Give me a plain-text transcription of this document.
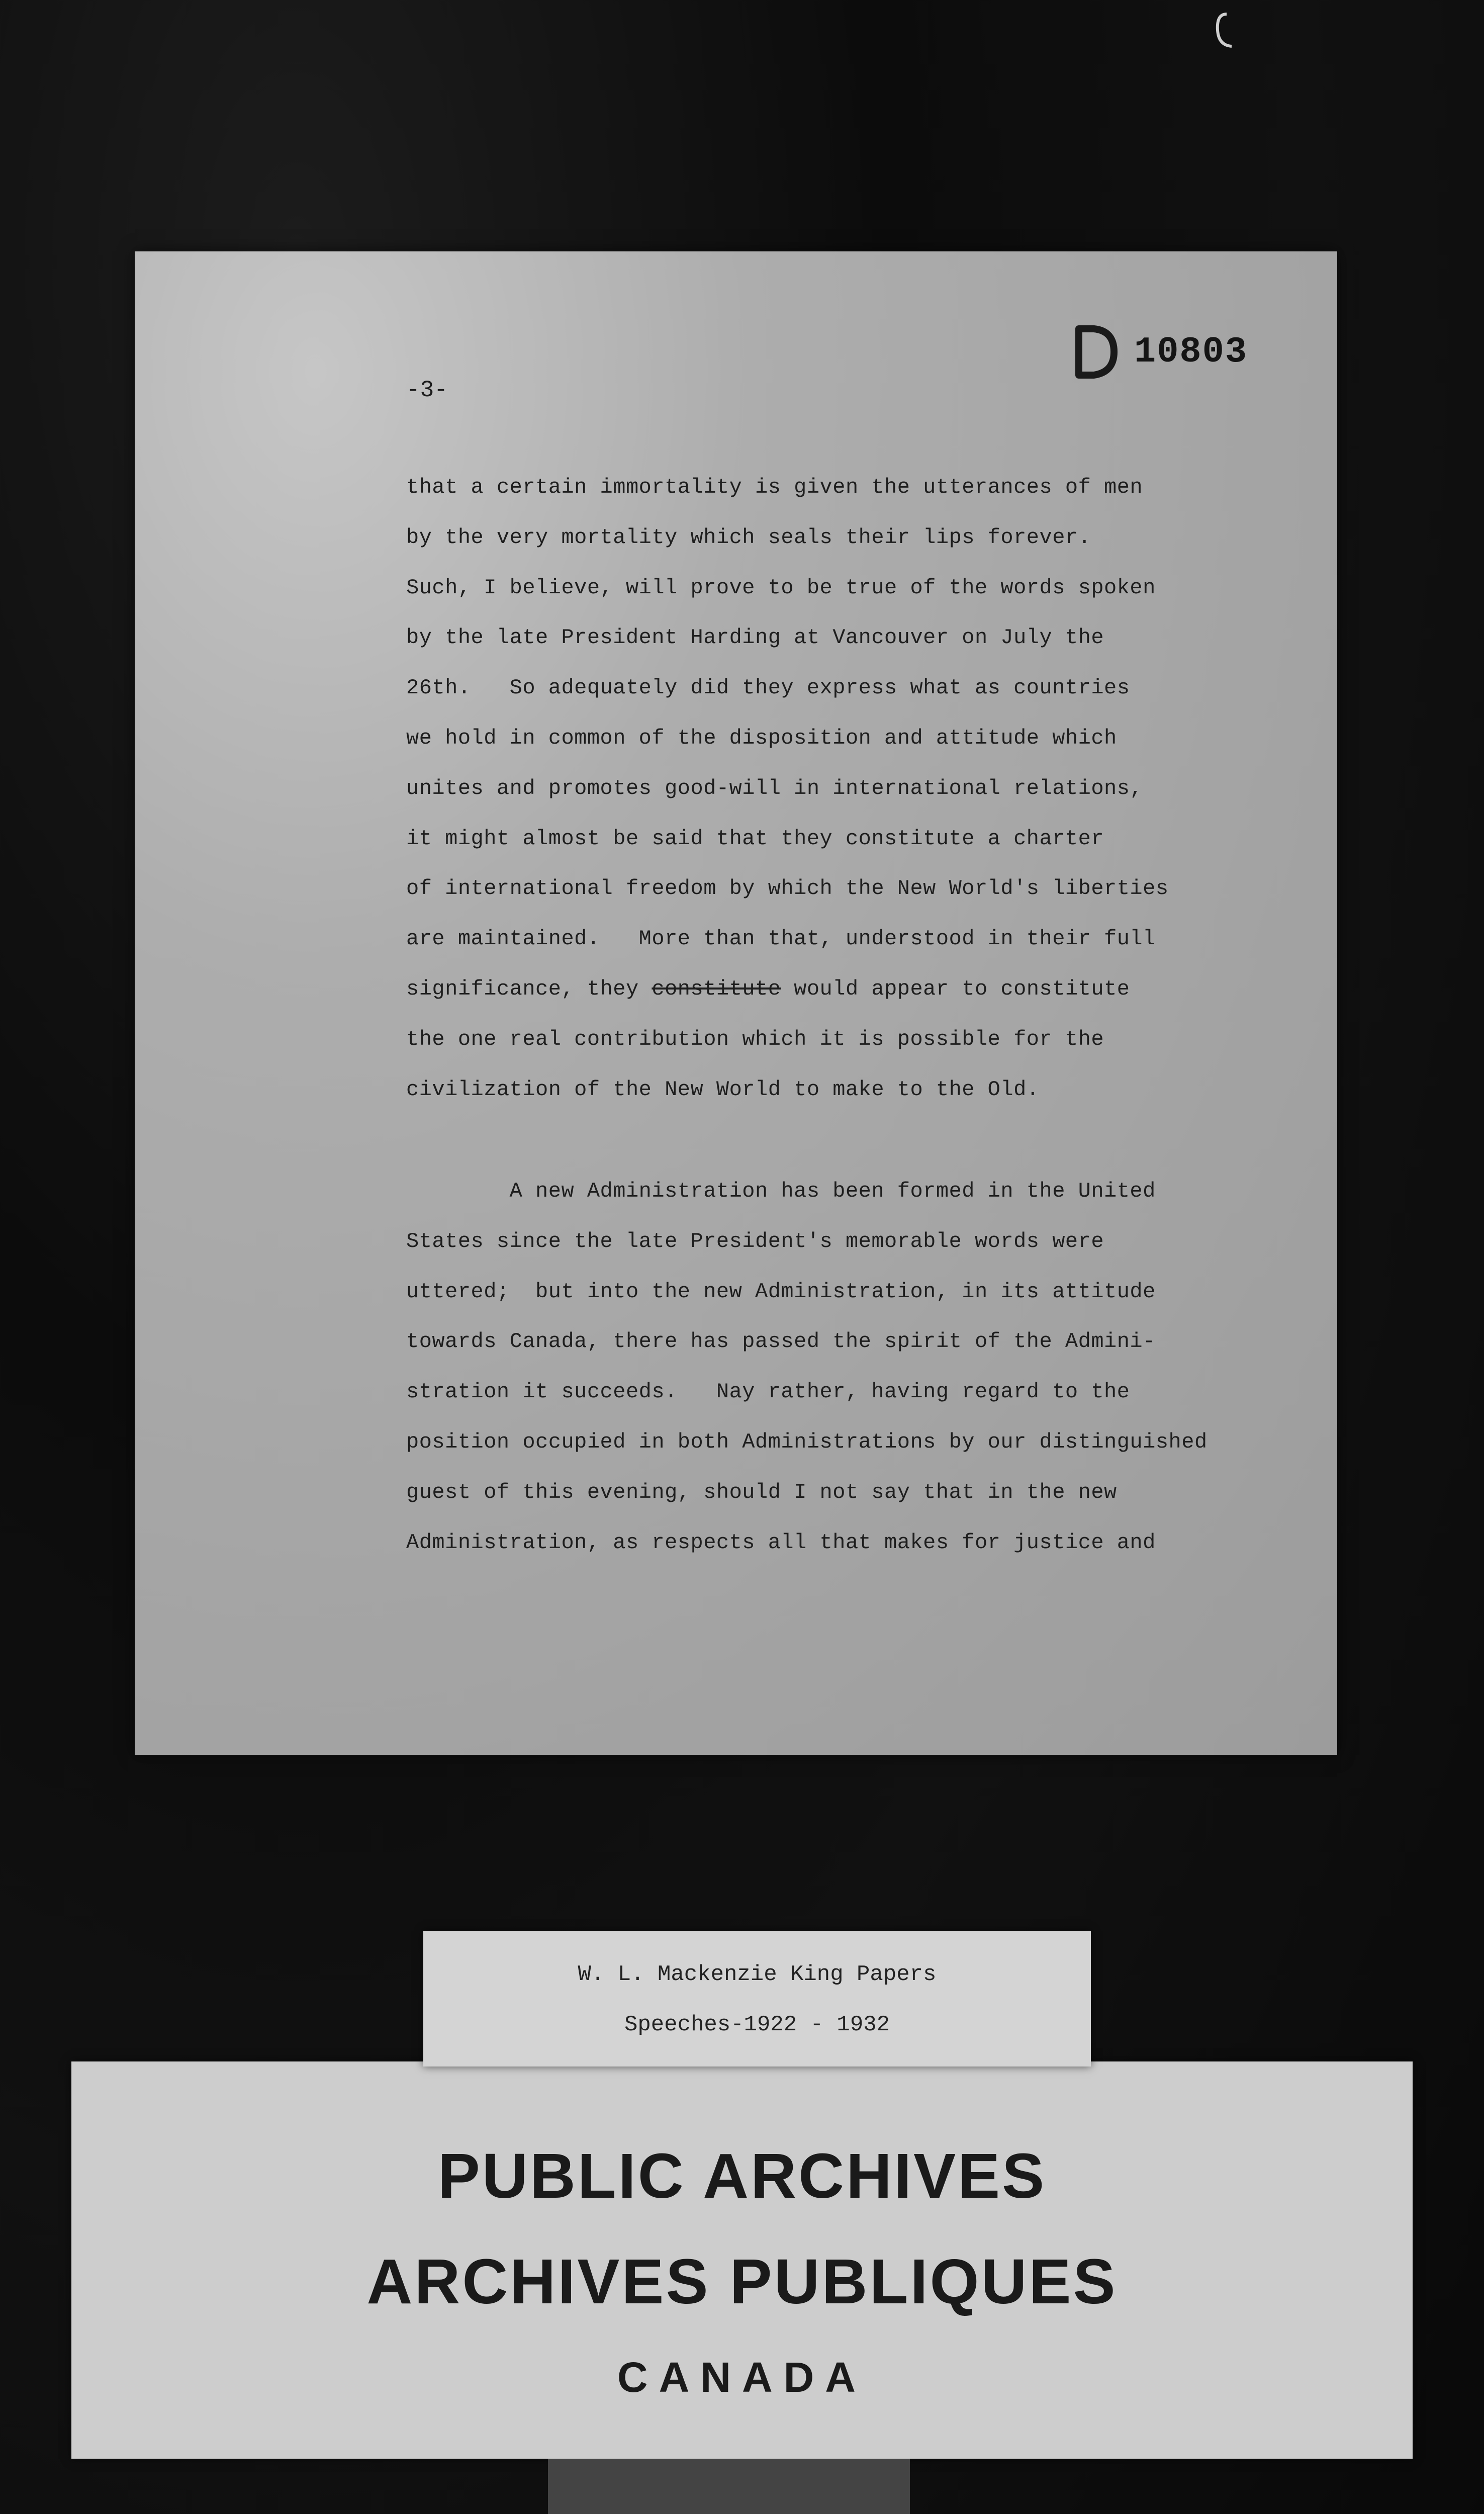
-3-
10803
that a certain immortality is given the utterances of men
by the very mortality which seals their lips forever.
Such, I believe, will prove to be true of the words spoken
by the late President Harding at Vancouver on July the
26th.   So adequately did they express what as countries
we hold in common of the disposition and attitude which
unites and promotes good-will in international relations,
it might almost be said that they constitute a charter
of international freedom by which the New World's liberties
are maintained.   More than that, understood in their full
significance, they constitute would appear to constitute
the one real contribution which it is possible for the
civilization of the New World to make to the Old.
A new Administration has been formed in the United
States since the late President's memorable words were
uttered;  but into the new Administration, in its attitude
towards Canada, there has passed the spirit of the Admini-
stration it succeeds.   Nay rather, having regard to the
position occupied in both Administrations by our distinguished
guest of this evening, should I not say that in the new
Administration, as respects all that makes for justice and
PUBLIC ARCHIVES
ARCHIVES PUBLIQUES
CANADA
W. L. Mackenzie King Papers
Speeches-1922 - 1932
